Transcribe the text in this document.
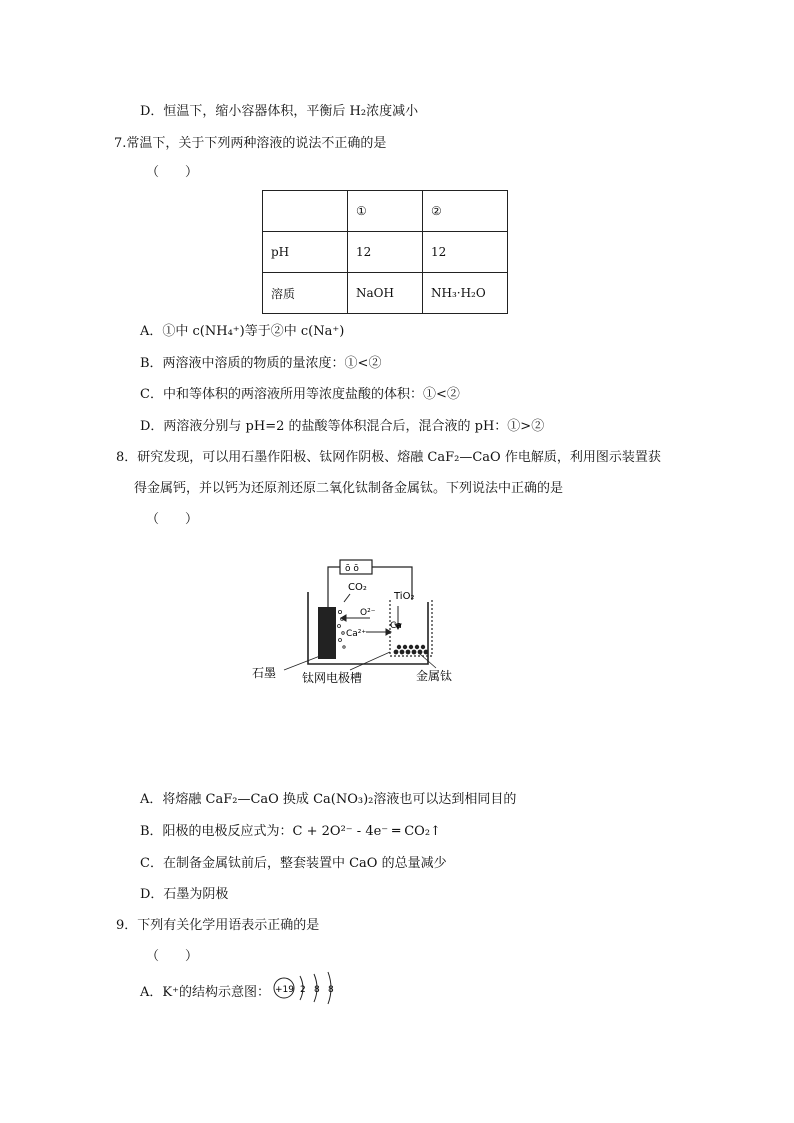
D．恒温下，缩小容器体积，平衡后 H₂浓度减小
7.常温下，关于下列两种溶液的说法不正确的是
（　　）
	①	②
pH	12	12
溶质	NaOH	NH₃·H₂O
A．①中 c(NH₄⁺)等于②中 c(Na⁺)
B．两溶液中溶质的物质的量浓度：①<②
C．中和等体积的两溶液所用等浓度盐酸的体积：①<②
D．两溶液分别与 pH=2 的盐酸等体积混合后，混合液的 pH：①>②
8．研究发现，可以用石墨作阳极、钛网作阴极、熔融 CaF₂—CaO 作电解质，利用图示装置获
得金属钙，并以钙为还原剂还原二氧化钛制备金属钛。下列说法中正确的是
（　　）
ō ō
CO₂
TiO₂
O²⁻
Ca²⁺
Ca
石墨 钛网电极槽	金属钛
A．将熔融 CaF₂—CaO 换成 Ca(NO₃)₂溶液也可以达到相同目的
B．阳极的电极反应式为：C + 2O²⁻ - 4e⁻ ═ CO₂↑
C．在制备金属钛前后，整套装置中 CaO 的总量减少
D．石墨为阴极
9．下列有关化学用语表示正确的是
（　　）
A．K⁺的结构示意图： +19 2 8 8
